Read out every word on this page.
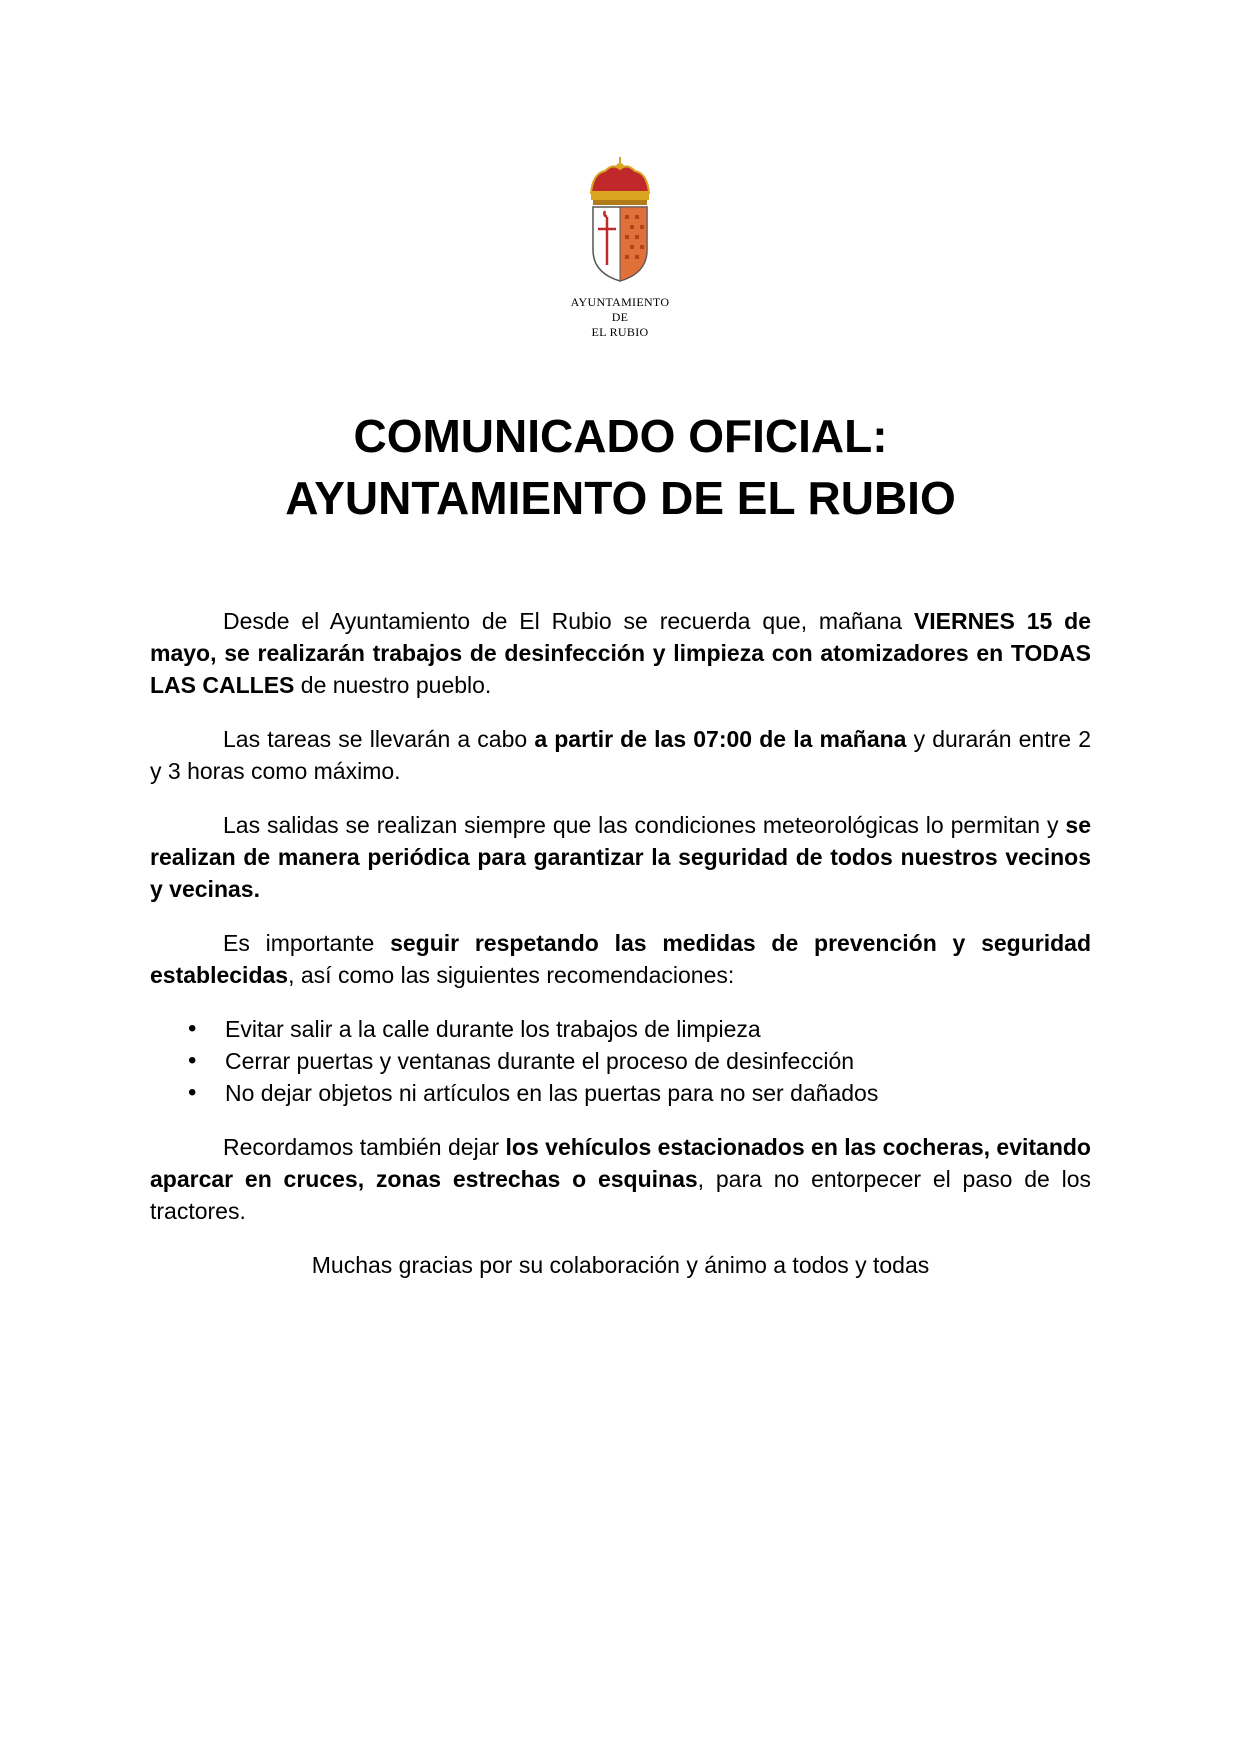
AYUNTAMIENTO
DE
EL RUBIO
COMUNICADO OFICIAL:
AYUNTAMIENTO DE EL RUBIO

Desde el Ayuntamiento de El Rubio se recuerda que, mañana VIERNES 15 de mayo, se realizarán trabajos de desinfección y limpieza con atomizadores en TODAS LAS CALLES de nuestro pueblo.

Las tareas se llevarán a cabo a partir de las 07:00 de la mañana y durarán entre 2 y 3 horas como máximo.

Las salidas se realizan siempre que las condiciones meteorológicas lo permitan y se realizan de manera periódica para garantizar la seguridad de todos nuestros vecinos y vecinas.

Es importante seguir respetando las medidas de prevención y seguridad establecidas, así como las siguientes recomendaciones:

• Evitar salir a la calle durante los trabajos de limpieza
• Cerrar puertas y ventanas durante el proceso de desinfección
• No dejar objetos ni artículos en las puertas para no ser dañados

Recordamos también dejar los vehículos estacionados en las cocheras, evitando aparcar en cruces, zonas estrechas o esquinas, para no entorpecer el paso de los tractores.

Muchas gracias por su colaboración y ánimo a todos y todas
